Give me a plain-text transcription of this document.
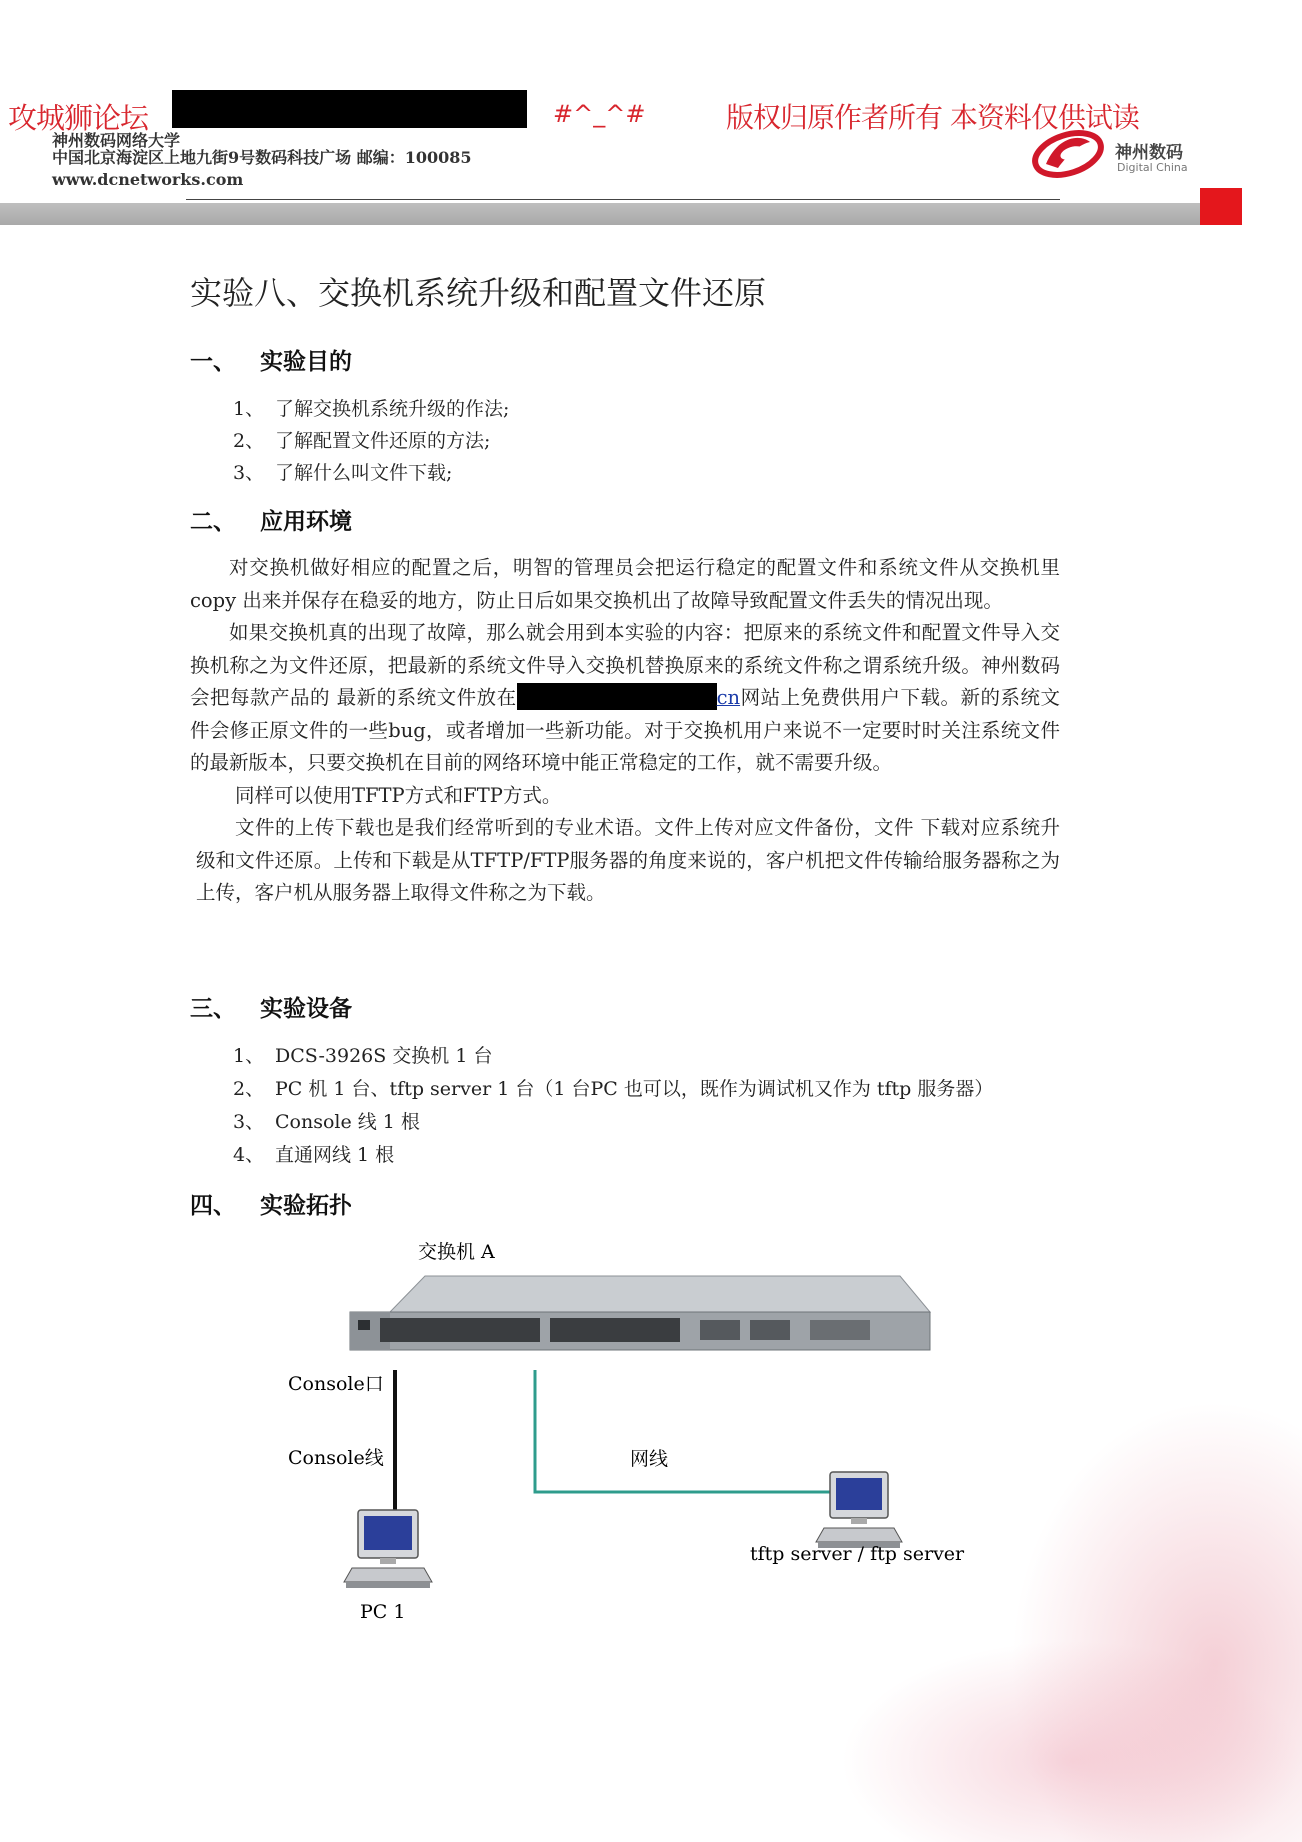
攻城狮论坛	#^_^#	版权归原作者所有 本资料仅供试读
神州数码网络大学
中国北京海淀区上地九街9号数码科技广场 邮编：100085
www.dcnetworks.com
神州数码
Digital China
实验八、交换机系统升级和配置文件还原
一、 实验目的
1、 了解交换机系统升级的作法;
2、 了解配置文件还原的方法;
3、 了解什么叫文件下载;
二、 应用环境

对交换机做好相应的配置之后，明智的管理员会把运行稳定的配置文件和系统文件从交换机里 copy 出来并保存在稳妥的地方，防止日后如果交换机出了故障导致配置文件丢失的情况出现。

如果交换机真的出现了故障，那么就会用到本实验的内容：把原来的系统文件和配置文件导入交换机称之为文件还原，把最新的系统文件导入交换机替换原来的系统文件称之谓系统升级。神州数码会把每款产品的 最新的系统文件放在	cn网站上免费供用户下载。新的系统文件会修正原文件的一些bug，或者增加一些新功能。对于交换机用户来说不一定要时时关注系统文件的最新版本，只要交换机在目前的网络环境中能正常稳定的工作，就不需要升级。

同样可以使用TFTP方式和FTP方式。

文件的上传下载也是我们经常听到的专业术语。文件上传对应文件备份，文件 下载对应系统升级和文件还原。上传和下载是从TFTP/FTP服务器的角度来说的，客户机把文件传输给服务器称之为上传，客户机从服务器上取得文件称之为下载。

三、 实验设备
1、 DCS-3926S 交换机 1 台
2、 PC 机 1 台、tftp server 1 台（1 台PC 也可以，既作为调试机又作为 tftp 服务器）
3、 Console 线 1 根
4、 直通网线 1 根
四、 实验拓扑
交换机 A
Console口
Console线	网线
PC 1
tftp server / ftp server
